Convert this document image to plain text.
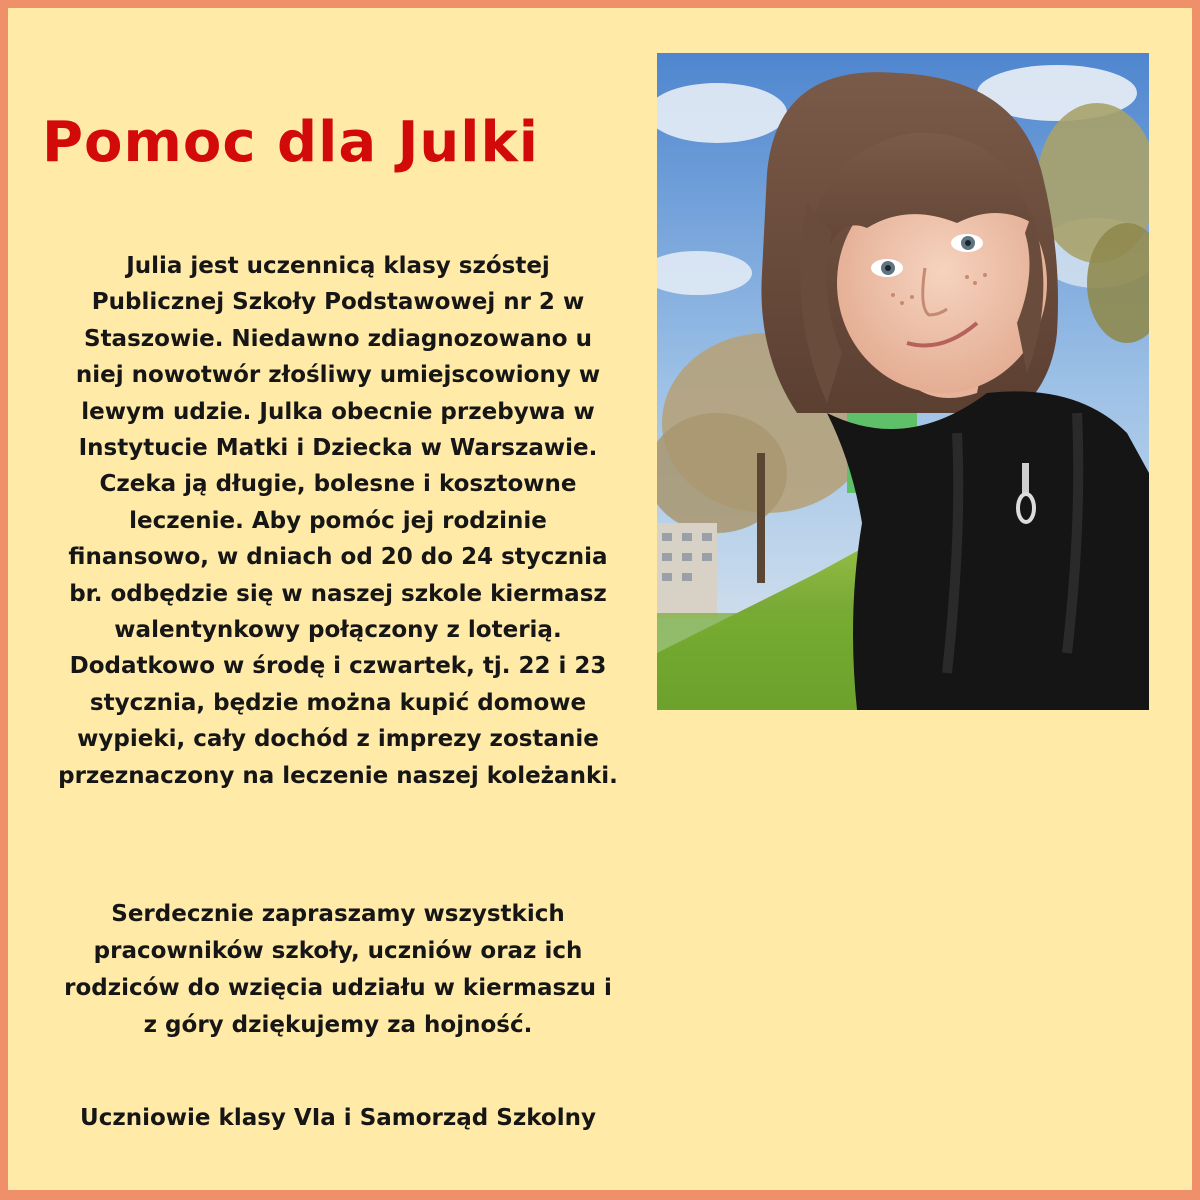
Pomoc dla Julki
Julia jest uczennicą klasy szóstej
Publicznej Szkoły Podstawowej nr 2 w
Staszowie. Niedawno zdiagnozowano u
niej nowotwór złośliwy umiejscowiony w
lewym udzie. Julka obecnie przebywa w
Instytucie Matki i Dziecka w Warszawie.
Czeka ją długie, bolesne i kosztowne
leczenie. Aby pomóc jej rodzinie
finansowo, w dniach od 20 do 24 stycznia
br. odbędzie się w naszej szkole kiermasz
walentynkowy połączony z loterią.
Dodatkowo w środę i czwartek, tj. 22 i 23
stycznia, będzie można kupić domowe
wypieki, cały dochód z imprezy zostanie
przeznaczony na leczenie naszej koleżanki.
Serdecznie zapraszamy wszystkich
pracowników szkoły, uczniów oraz ich
rodziców do wzięcia udziału w kiermaszu i
z góry dziękujemy za hojność.
Uczniowie klasy VIa i Samorząd Szkolny
